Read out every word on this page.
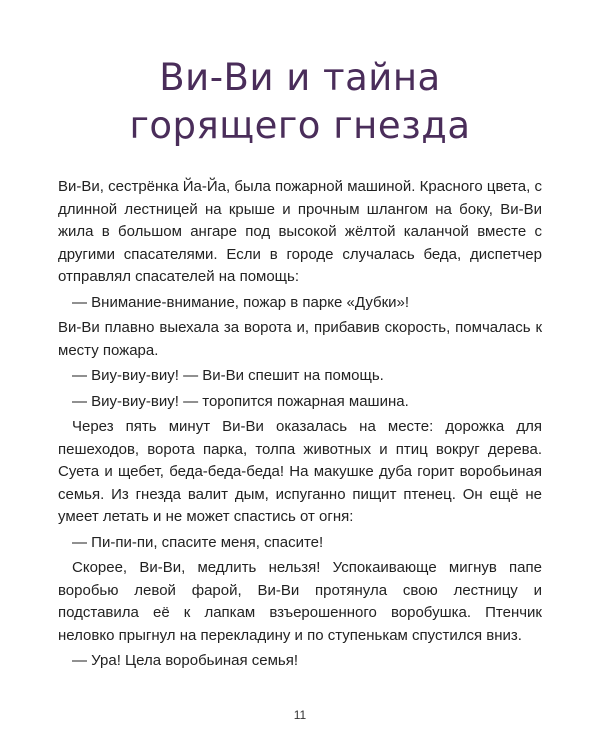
Ви-Ви и тайна
горящего гнезда

Ви-Ви, сестрёнка Йа-Йа, была пожарной машиной. Красного цвета, с длинной лестницей на крыше и прочным шлангом на боку, Ви-Ви жила в большом ангаре под высокой жёлтой каланчой вместе с другими спасателями. Если в городе случалась беда, диспетчер отправлял спасателей на помощь:

— Внимание-внимание, пожар в парке «Дубки»!

Ви-Ви плавно выехала за ворота и, прибавив скорость, помчалась к месту пожара.

— Виу-виу-виу! — Ви-Ви спешит на помощь.

— Виу-виу-виу! — торопится пожарная машина.

Через пять минут Ви-Ви оказалась на месте: дорожка для пешеходов, ворота парка, толпа животных и птиц вокруг дерева. Суета и щебет, беда-беда-беда! На макушке дуба горит воробьиная семья. Из гнезда валит дым, испуганно пищит птенец. Он ещё не умеет летать и не может спастись от огня:

— Пи-пи-пи, спасите меня, спасите!

Скорее, Ви-Ви, медлить нельзя! Успокаивающе мигнув папе воробью левой фарой, Ви-Ви протянула свою лестницу и подставила её к лапкам взъерошенного воробушка. Птенчик неловко прыгнул на перекладину и по ступенькам спустился вниз.

— Ура! Цела воробьиная семья!

11
